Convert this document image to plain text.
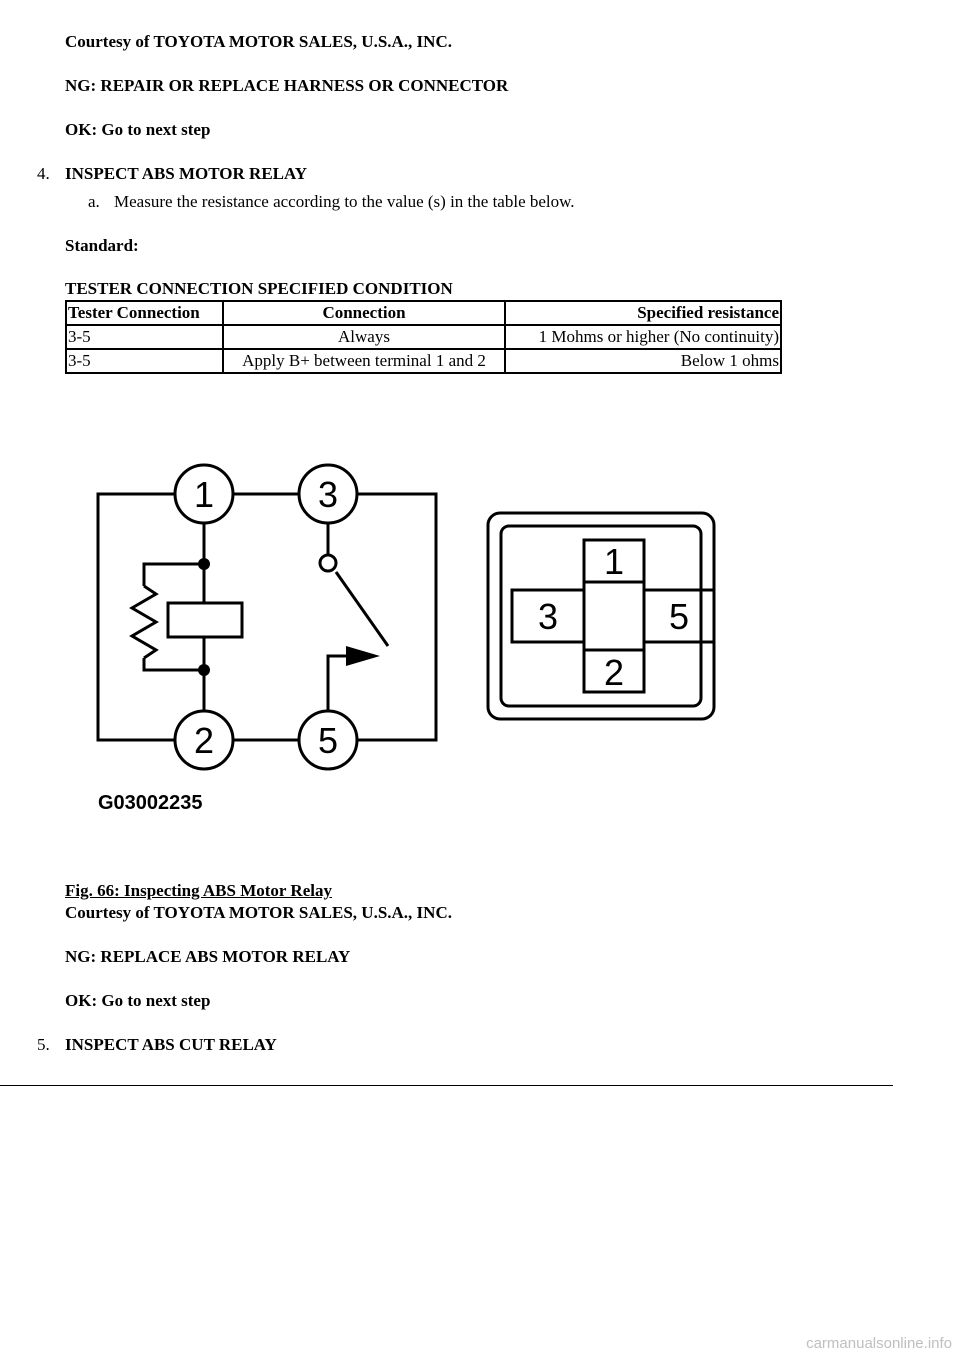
Courtesy of TOYOTA MOTOR SALES, U.S.A., INC.

NG: REPAIR OR REPLACE HARNESS OR CONNECTOR

OK: Go to next step

4. INSPECT ABS MOTOR RELAY

a. Measure the resistance according to the value (s) in the table below.

Standard:

TESTER CONNECTION SPECIFIED CONDITION

Tester Connection	Connection	Specified resistance
3-5	Always	1 Mohms or higher (No continuity)
3-5	Apply B+ between terminal 1 and 2	Below 1 ohms
1	3
2	5
1
3	5
2
G03002235

Fig. 66: Inspecting ABS Motor Relay

Courtesy of TOYOTA MOTOR SALES, U.S.A., INC.

NG: REPLACE ABS MOTOR RELAY

OK: Go to next step

5. INSPECT ABS CUT RELAY

carmanualsonline.info
